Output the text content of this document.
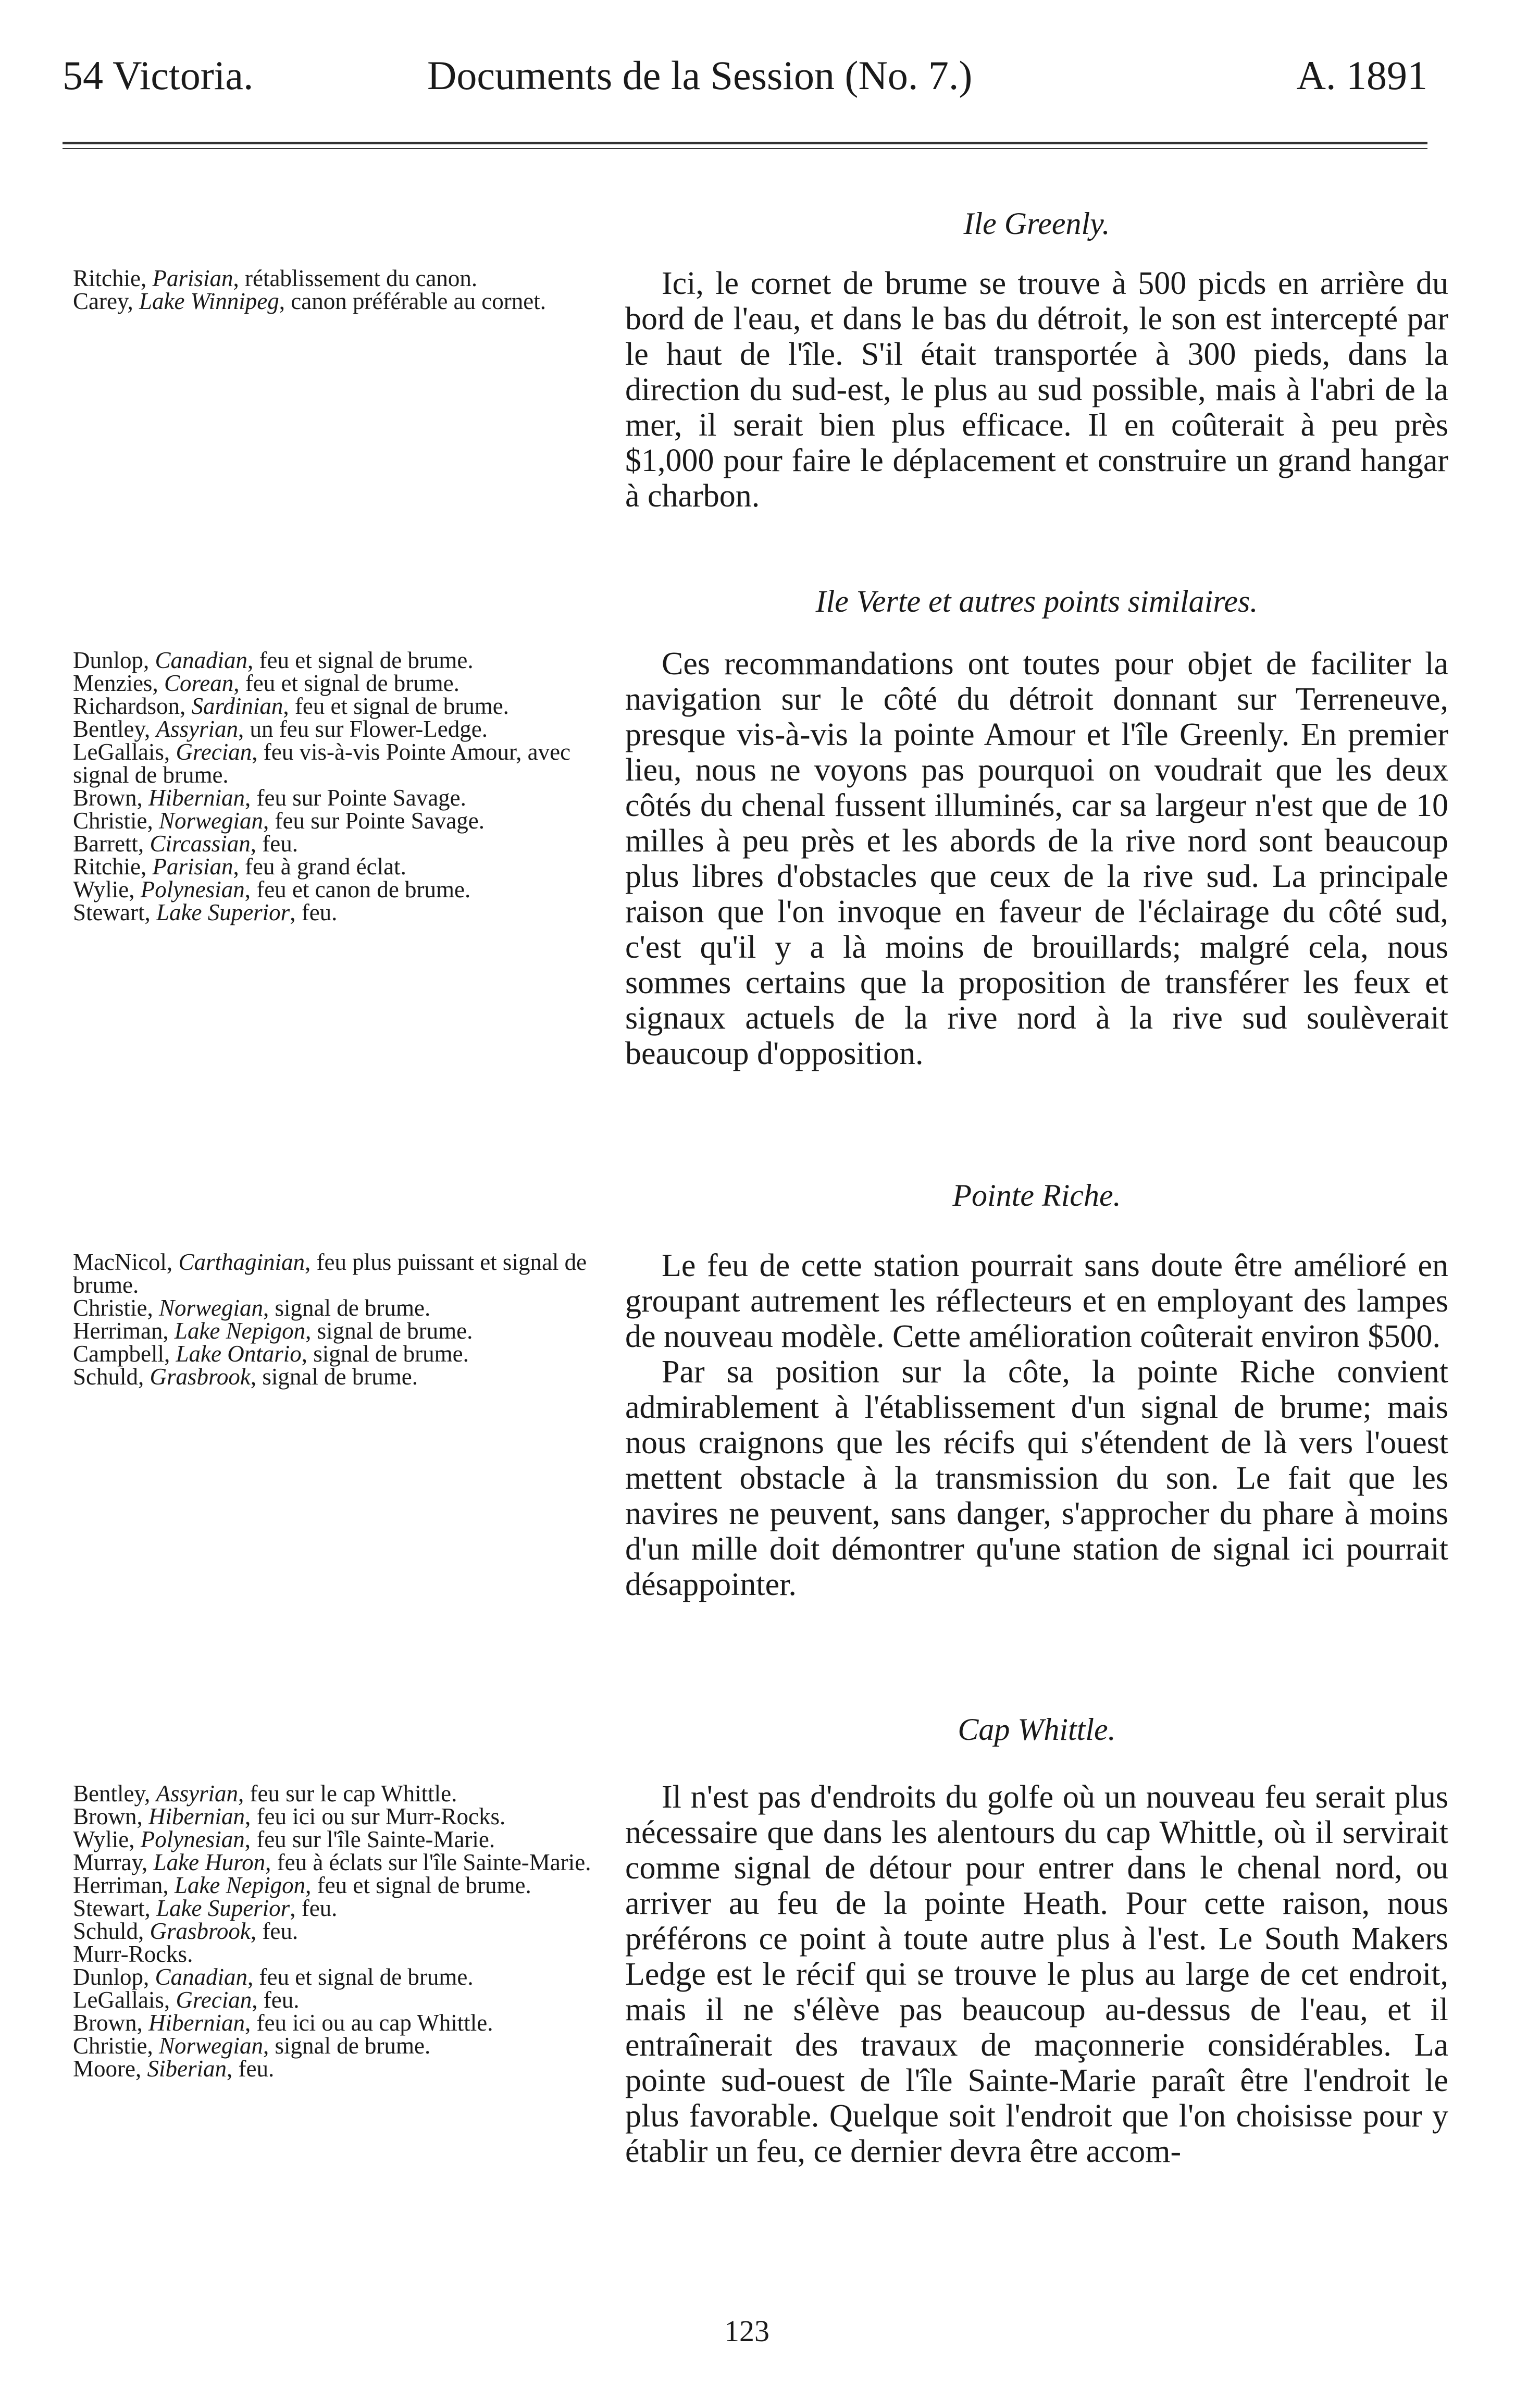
54 Victoria.	Documents de la Session (No. 7.)	A. 1891
Ile Greenly.

Ritchie, Parisian, rétablissement du canon.

Carey, Lake Winnipeg, canon préférable au cornet.	Ici, le cornet de brume se trouve à 500 picds en arrière du bord de l'eau, et dans le bas du détroit, le son est intercepté par le haut de l'île. S'il était transportée à 300 pieds, dans la direction du sud-est, le plus au sud possible, mais à l'abri de la mer, il serait bien plus efficace. Il en coûterait à peu près $1,000 pour faire le déplacement et construire un grand hangar à charbon.

Ile Verte et autres points similaires.

Dunlop, Canadian, feu et signal de brume.

Menzies, Corean, feu et signal de brume.

Richardson, Sardinian, feu et signal de brume.

Bentley, Assyrian, un feu sur Flower-Ledge.

LeGallais, Grecian, feu vis-à-vis Pointe Amour, avec signal de brume.

Brown, Hibernian, feu sur Pointe Savage.

Christie, Norwegian, feu sur Pointe Savage.

Barrett, Circassian, feu.

Ritchie, Parisian, feu à grand éclat.

Wylie, Polynesian, feu et canon de brume.

Stewart, Lake Superior, feu.

Ces recommandations ont toutes pour objet de faciliter la navigation sur le côté du détroit donnant sur Terreneuve, presque vis-à-vis la pointe Amour et l'île Greenly. En premier lieu, nous ne voyons pas pourquoi on voudrait que les deux côtés du chenal fussent illuminés, car sa largeur n'est que de 10 milles à peu près et les abords de la rive nord sont beaucoup plus libres d'obstacles que ceux de la rive sud. La principale raison que l'on invoque en faveur de l'éclairage du côté sud, c'est qu'il y a là moins de brouillards; malgré cela, nous sommes certains que la proposition de transférer les feux et signaux actuels de la rive nord à la rive sud soulèverait beaucoup d'opposition.

Pointe Riche.

MacNicol, Carthaginian, feu plus puissant et signal de brume.

Christie, Norwegian, signal de brume.

Herriman, Lake Nepigon, signal de brume.

Campbell, Lake Ontario, signal de brume.

Schuld, Grasbrook, signal de brume.

Le feu de cette station pourrait sans doute être amélioré en groupant autrement les réflecteurs et en employant des lampes de nouveau modèle. Cette amélioration coûterait environ $500.

Par sa position sur la côte, la pointe Riche convient admirablement à l'établissement d'un signal de brume; mais nous craignons que les récifs qui s'étendent de là vers l'ouest mettent obstacle à la transmission du son. Le fait que les navires ne peuvent, sans danger, s'approcher du phare à moins d'un mille doit démontrer qu'une station de signal ici pourrait désappointer.

Cap Whittle.

Bentley, Assyrian, feu sur le cap Whittle.

Brown, Hibernian, feu ici ou sur Murr-Rocks.

Wylie, Polynesian, feu sur l'île Sainte-Marie.

Murray, Lake Huron, feu à éclats sur l'île Sainte-Marie.

Herriman, Lake Nepigon, feu et signal de brume.

Stewart, Lake Superior, feu.

Schuld, Grasbrook, feu.

Murr-Rocks.

Dunlop, Canadian, feu et signal de brume.

LeGallais, Grecian, feu.

Brown, Hibernian, feu ici ou au cap Whittle.

Christie, Norwegian, signal de brume.

Moore, Siberian, feu.

Il n'est pas d'endroits du golfe où un nouveau feu serait plus nécessaire que dans les alentours du cap Whittle, où il servirait comme signal de détour pour entrer dans le chenal nord, ou arriver au feu de la pointe Heath. Pour cette raison, nous préférons ce point à toute autre plus à l'est. Le South Makers Ledge est le récif qui se trouve le plus au large de cet endroit, mais il ne s'élève pas beaucoup au-dessus de l'eau, et il entraînerait des travaux de maçonnerie considérables. La pointe sud-ouest de l'île Sainte-Marie paraît être l'endroit le plus favorable. Quelque soit l'endroit que l'on choisisse pour y établir un feu, ce dernier devra être accom-

123
